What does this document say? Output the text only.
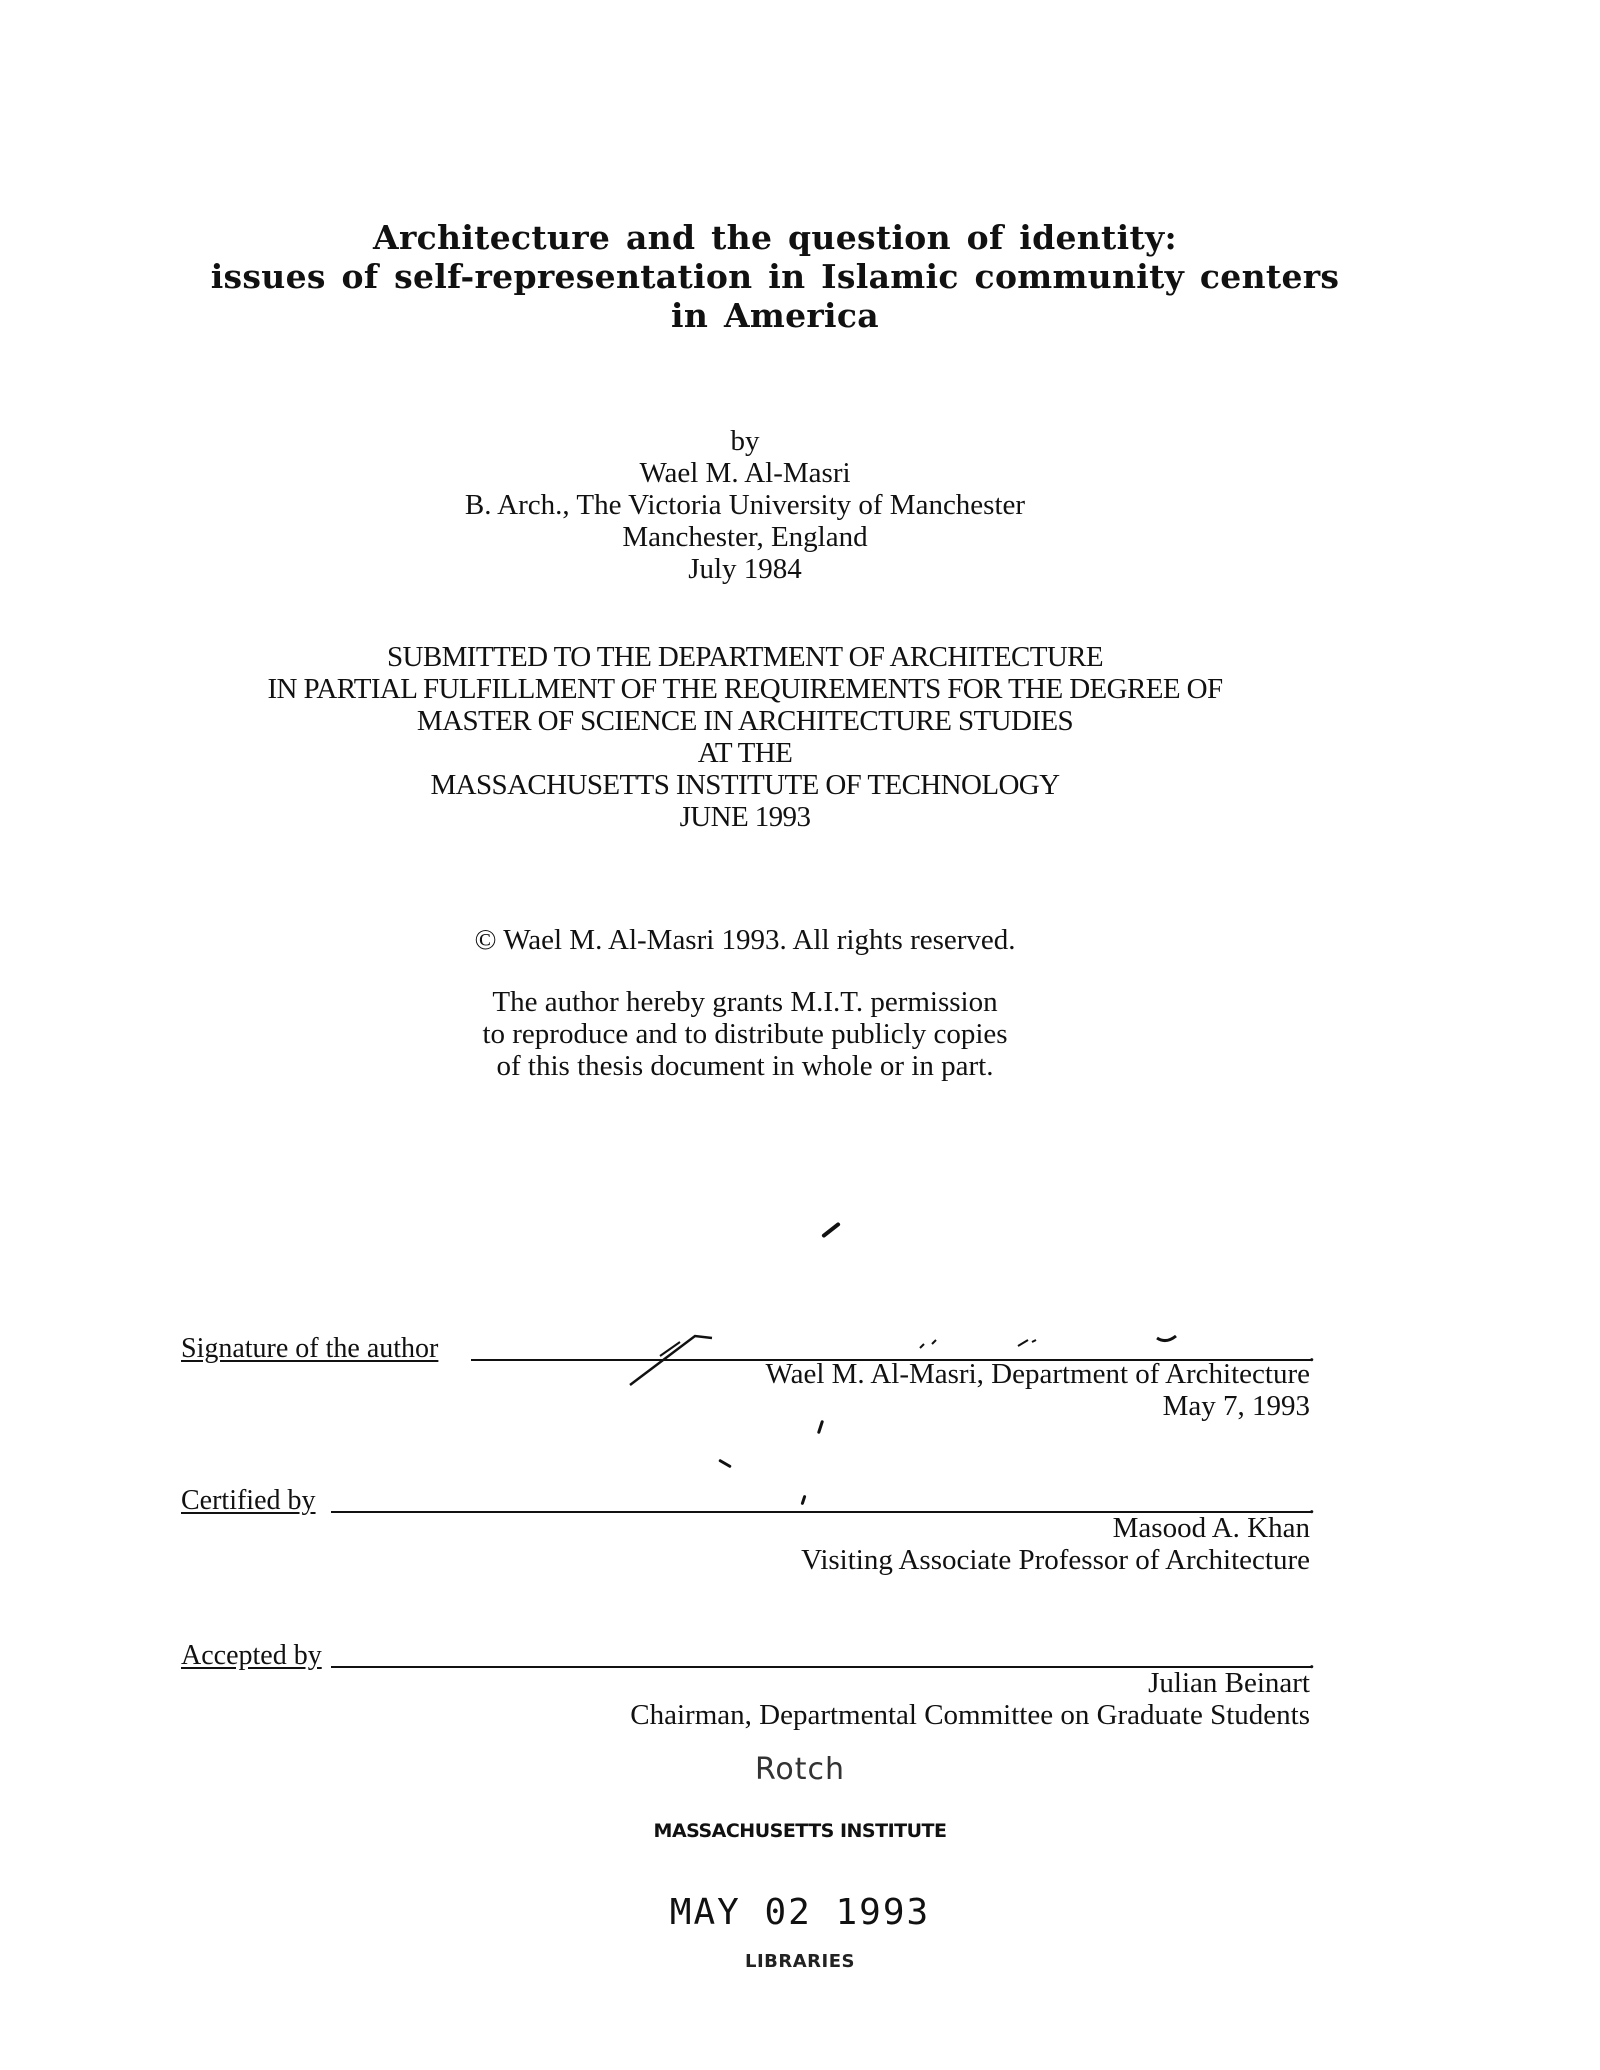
Architecture and the question of identity:
issues of self-representation in Islamic community centers
in America
by
Wael M. Al-Masri
B. Arch., The Victoria University of Manchester
Manchester, England
July 1984
SUBMITTED TO THE DEPARTMENT OF ARCHITECTURE
IN PARTIAL FULFILLMENT OF THE REQUIREMENTS FOR THE DEGREE OF
MASTER OF SCIENCE IN ARCHITECTURE STUDIES
AT THE
MASSACHUSETTS INSTITUTE OF TECHNOLOGY
JUNE 1993
© Wael M. Al-Masri 1993. All rights reserved.
The author hereby grants M.I.T. permission
to reproduce and to distribute publicly copies
of this thesis document in whole or in part.
Signature of the author	.
Wael M. Al-Masri, Department of Architecture
May 7, 1993
Certified by	.
Masood A. Khan
Visiting Associate Professor of Architecture
Accepted by	.
Julian Beinart
Chairman, Departmental Committee on Graduate Students
Rotch
MASSACHUSETTS INSTITUTE
MAY 02 1993
LIBRARIES
